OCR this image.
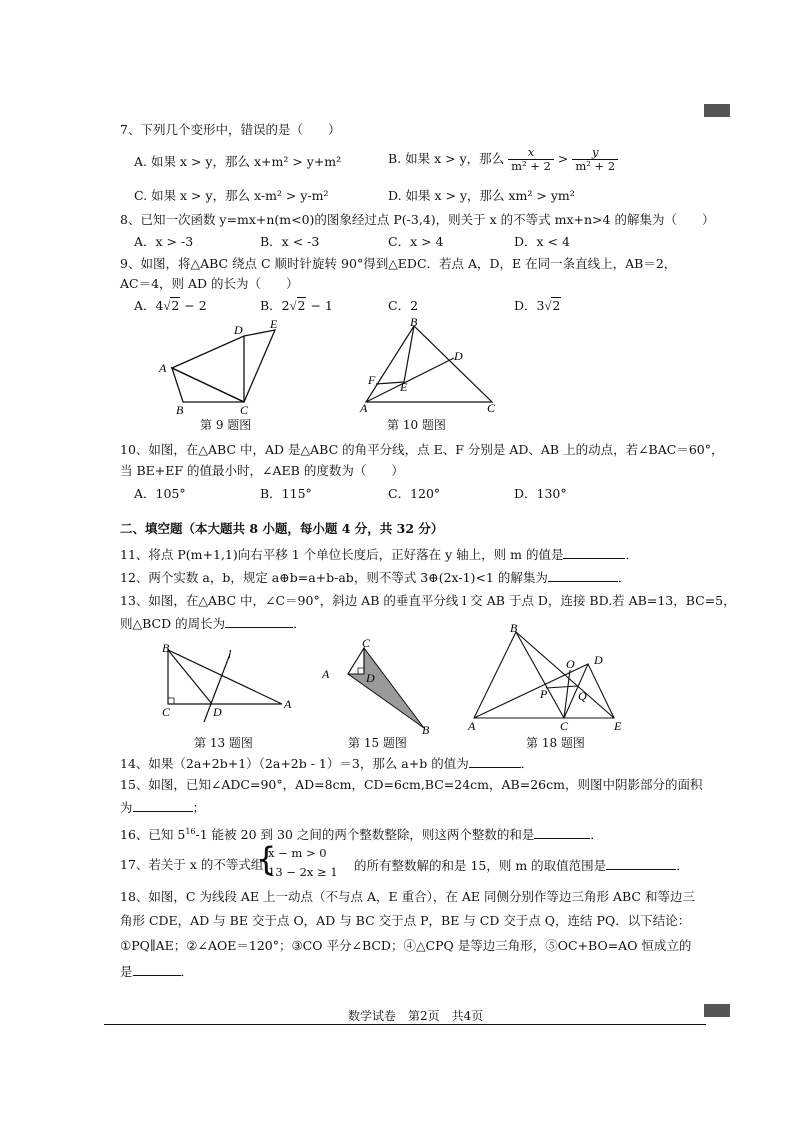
7、下列几个变形中，错误的是（　　）
A. 如果 x > y，那么 x+m² > y+m²	B. 如果 x > y，那么 $\frac{x}{\text{m² + 2}} > \frac{y}{\text{m² + 2}}$
C. 如果 x > y，那么 x-m² > y-m²	D. 如果 x > y，那么 xm² > ym²
8、已知一次函数 y=mx+n(m<0)的图象经过点 P(-3,4)，则关于 x 的不等式 mx+n>4 的解集为（　　）
A．x > -3	B．x < -3	C．x > 4	D．x < 4
9、如图，将△ABC 绕点 C 顺时针旋转 90°得到△EDC．若点 A，D，E 在同一条直线上，AB＝2，
AC＝4，则 AD 的长为（　　）
A．4√2 − 2	B．2√2 − 1	C．2	D．3√2
A
B	C
D E
第 9 题图
B
D
F E
A	C
第 10 题图
10、如图，在△ABC 中，AD 是△ABC 的角平分线，点 E、F 分别是 AD、AB 上的动点，若∠BAC＝60°，
当 BE+EF 的值最小时，∠AEB 的度数为（　　）
A．105°	B．115°	C．120°	D．130°
二、填空题（本大题共 8 小题，每小题 4 分，共 32 分）
11、将点 P(m+1,1)向右平移 1 个单位长度后，正好落在 y 轴上，则 m 的值是	．
12、两个实数 a，b，规定 a⊕b=a+b-ab，则不等式 3⊕(2x-1)<1 的解集为	．
13、如图，在△ABC 中，∠C＝90°，斜边 AB 的垂直平分线 l 交 AB 于点 D，连接 BD.若 AB=13，BC=5，
则△BCD 的周长为	．
B
C	D
A
l
第 13 题图
C
A	D
B
第 15 题图
B
D
O
P	Q
A	C	E
第 18 题图
14、如果（2a+2b+1）（2a+2b - 1）＝3，那么 a+b 的值为	．
15、如图，已知∠ADC=90°，AD=8cm，CD=6cm,BC=24cm，AB=26cm，则图中阴影部分的面积
为	；
16、已知 $5^{16}-1$ 能被 20 到 30 之间的两个整数整除，则这两个整数的和是	．
17、若关于 x 的不等式组
{
x − m > 0
13 − 2x ≥ 1 的所有整数解的和是 15，则 m 的取值范围是	．
18、如图，C 为线段 AE 上一动点（不与点 A，E 重合），在 AE 同侧分别作等边三角形 ABC 和等边三
角形 CDE，AD 与 BE 交于点 O，AD 与 BC 交于点 P，BE 与 CD 交于点 Q，连结 PQ．以下结论：
①PQ∥AE；②∠AOE＝120°；③CO 平分∠BCD；④△CPQ 是等边三角形，⑤OC+BO=AO 恒成立的
是	．
数学试卷　第2页　共4页
